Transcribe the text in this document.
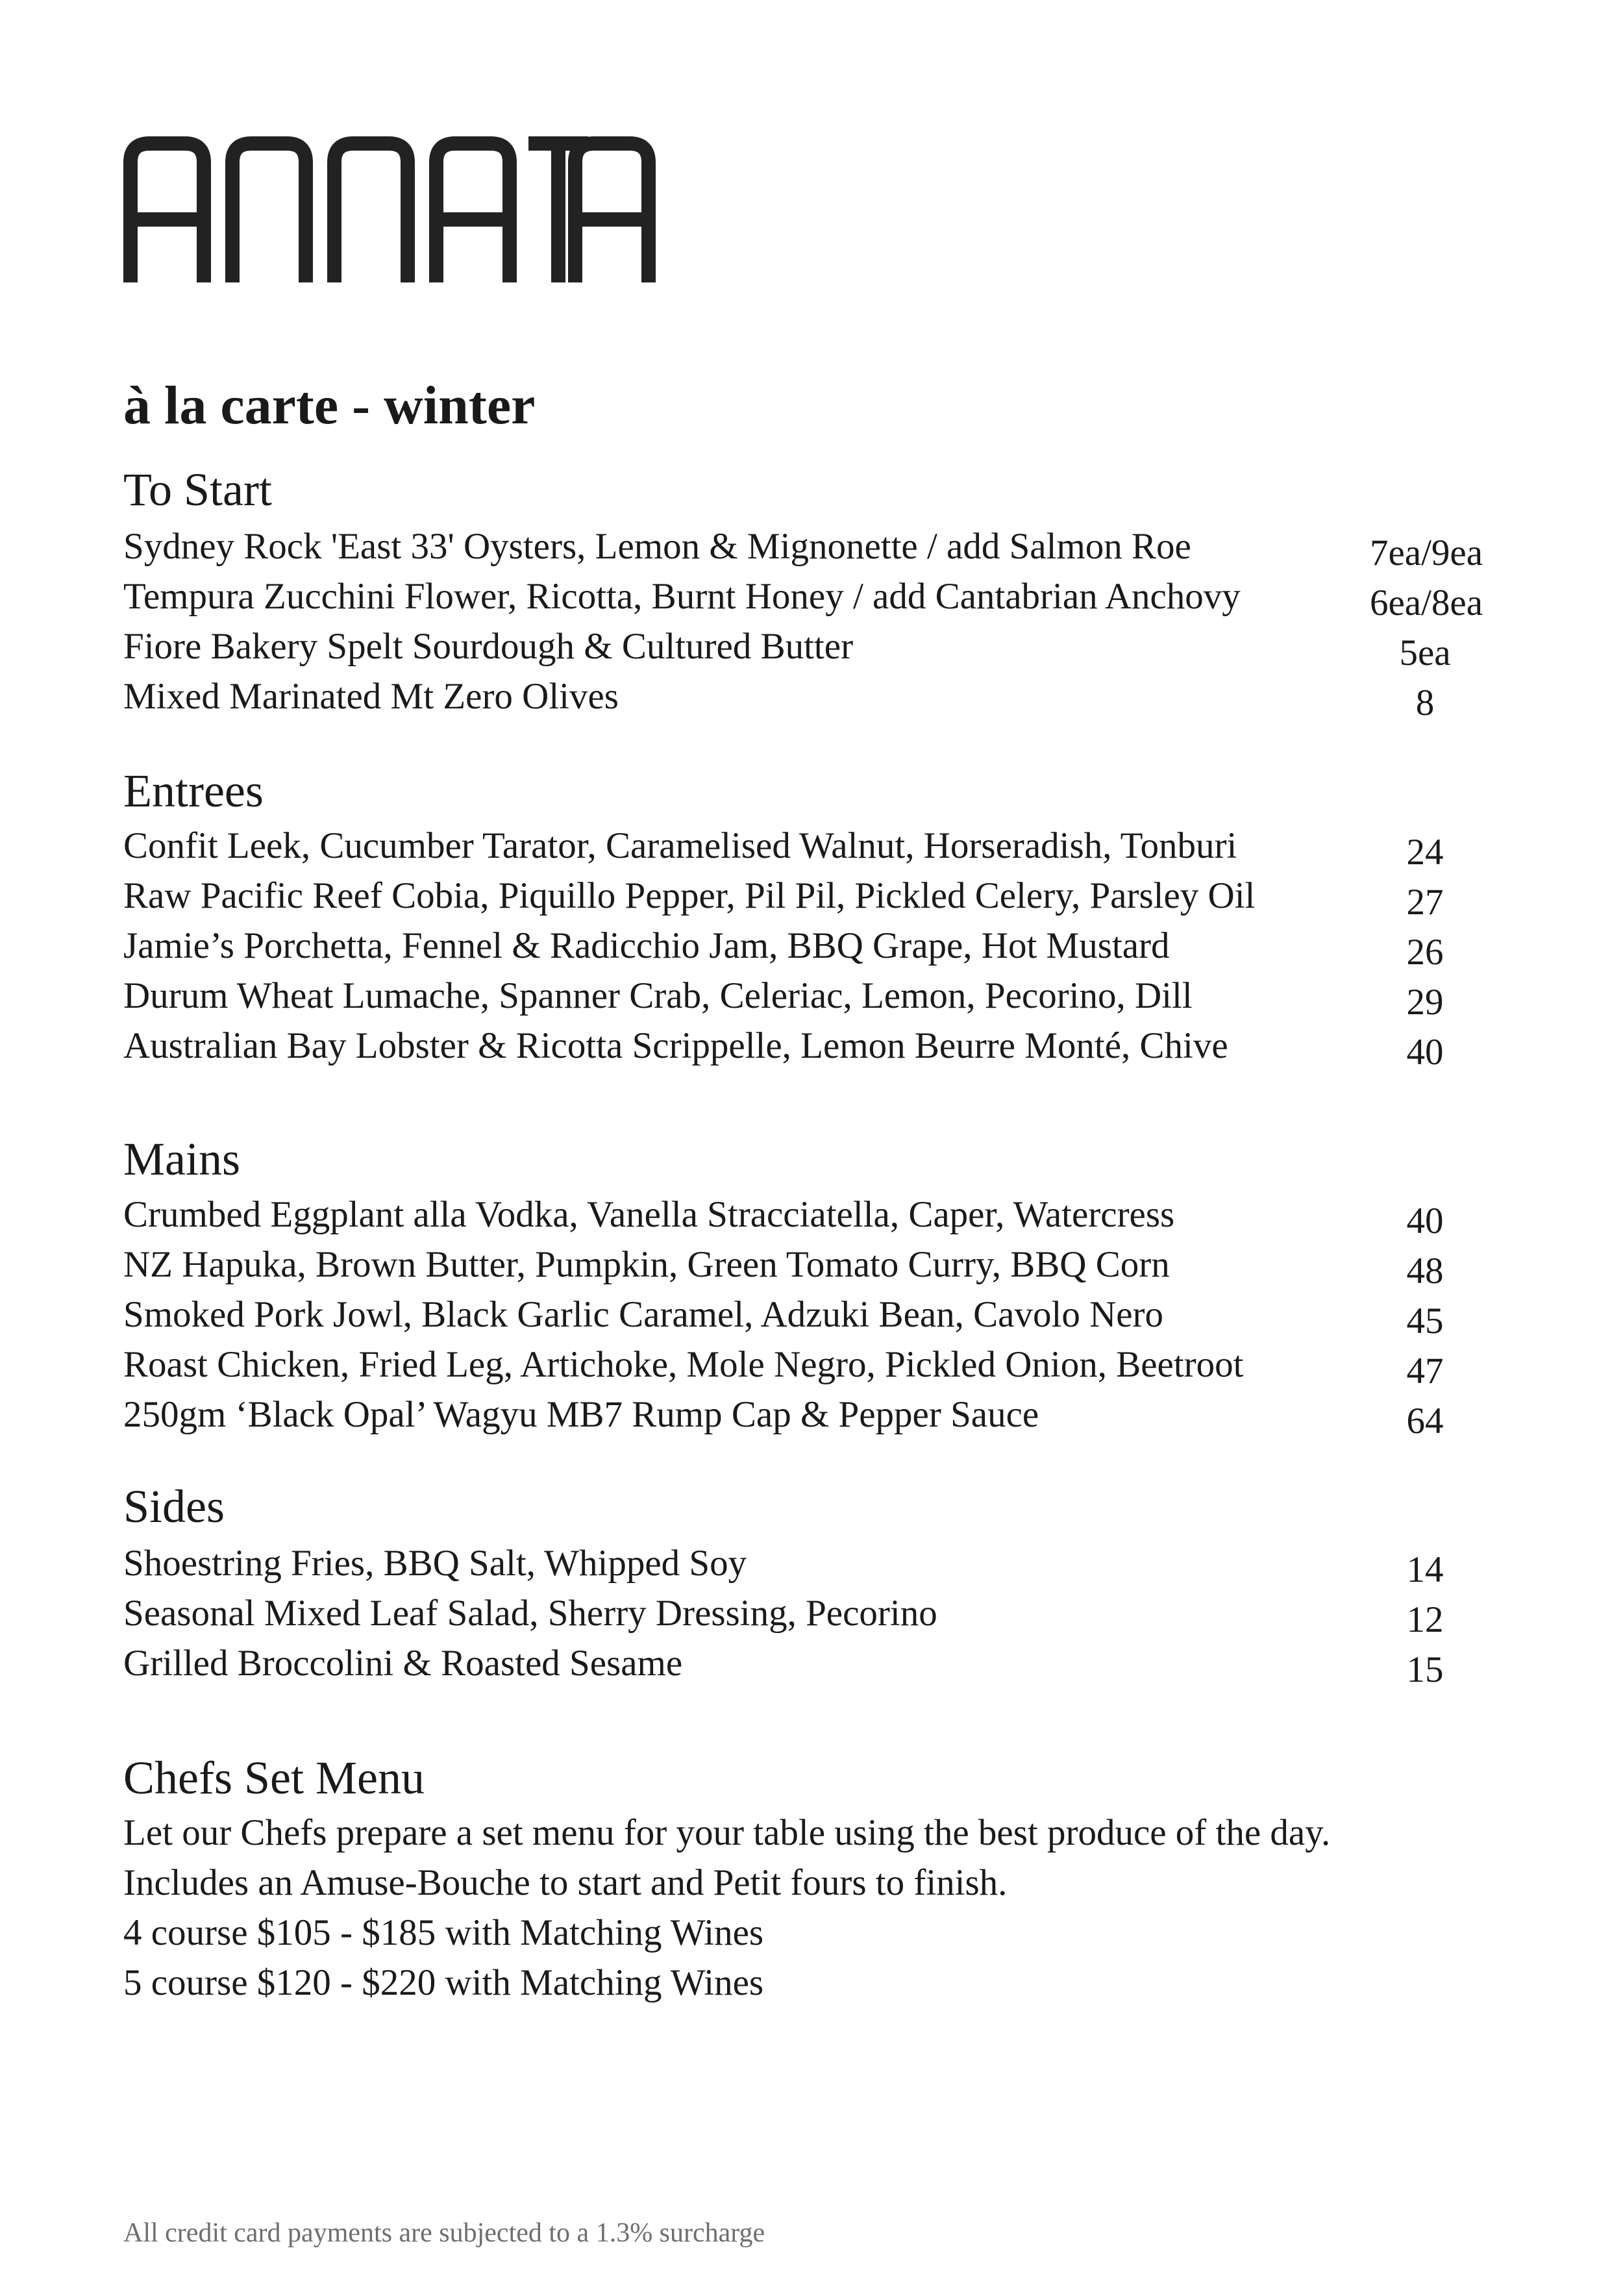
à la carte - winter
To Start
Sydney Rock 'East 33' Oysters, Lemon & Mignonette / add Salmon Roe	7ea/9ea
Tempura Zucchini Flower, Ricotta, Burnt Honey / add Cantabrian Anchovy	6ea/8ea
Fiore Bakery Spelt Sourdough & Cultured Butter	5ea
Mixed Marinated Mt Zero Olives	8
Entrees
Confit Leek, Cucumber Tarator, Caramelised Walnut, Horseradish, Tonburi	24
Raw Pacific Reef Cobia, Piquillo Pepper, Pil Pil, Pickled Celery, Parsley Oil	27
Jamie’s Porchetta, Fennel & Radicchio Jam, BBQ Grape, Hot Mustard	26
Durum Wheat Lumache, Spanner Crab, Celeriac, Lemon, Pecorino, Dill	29
Australian Bay Lobster & Ricotta Scrippelle, Lemon Beurre Monté, Chive	40
Mains
Crumbed Eggplant alla Vodka, Vanella Stracciatella, Caper, Watercress	40
NZ Hapuka, Brown Butter, Pumpkin, Green Tomato Curry, BBQ Corn	48
Smoked Pork Jowl, Black Garlic Caramel, Adzuki Bean, Cavolo Nero	45
Roast Chicken, Fried Leg, Artichoke, Mole Negro, Pickled Onion, Beetroot	47
250gm ‘Black Opal’ Wagyu MB7 Rump Cap & Pepper Sauce	64
Sides
Shoestring Fries, BBQ Salt, Whipped Soy	14
Seasonal Mixed Leaf Salad, Sherry Dressing, Pecorino	12
Grilled Broccolini & Roasted Sesame	15
Chefs Set Menu
Let our Chefs prepare a set menu for your table using the best produce of the day.
Includes an Amuse-Bouche to start and Petit fours to finish.
4 course $105 - $185 with Matching Wines
5 course $120 - $220 with Matching Wines
All credit card payments are subjected to a 1.3% surcharge
